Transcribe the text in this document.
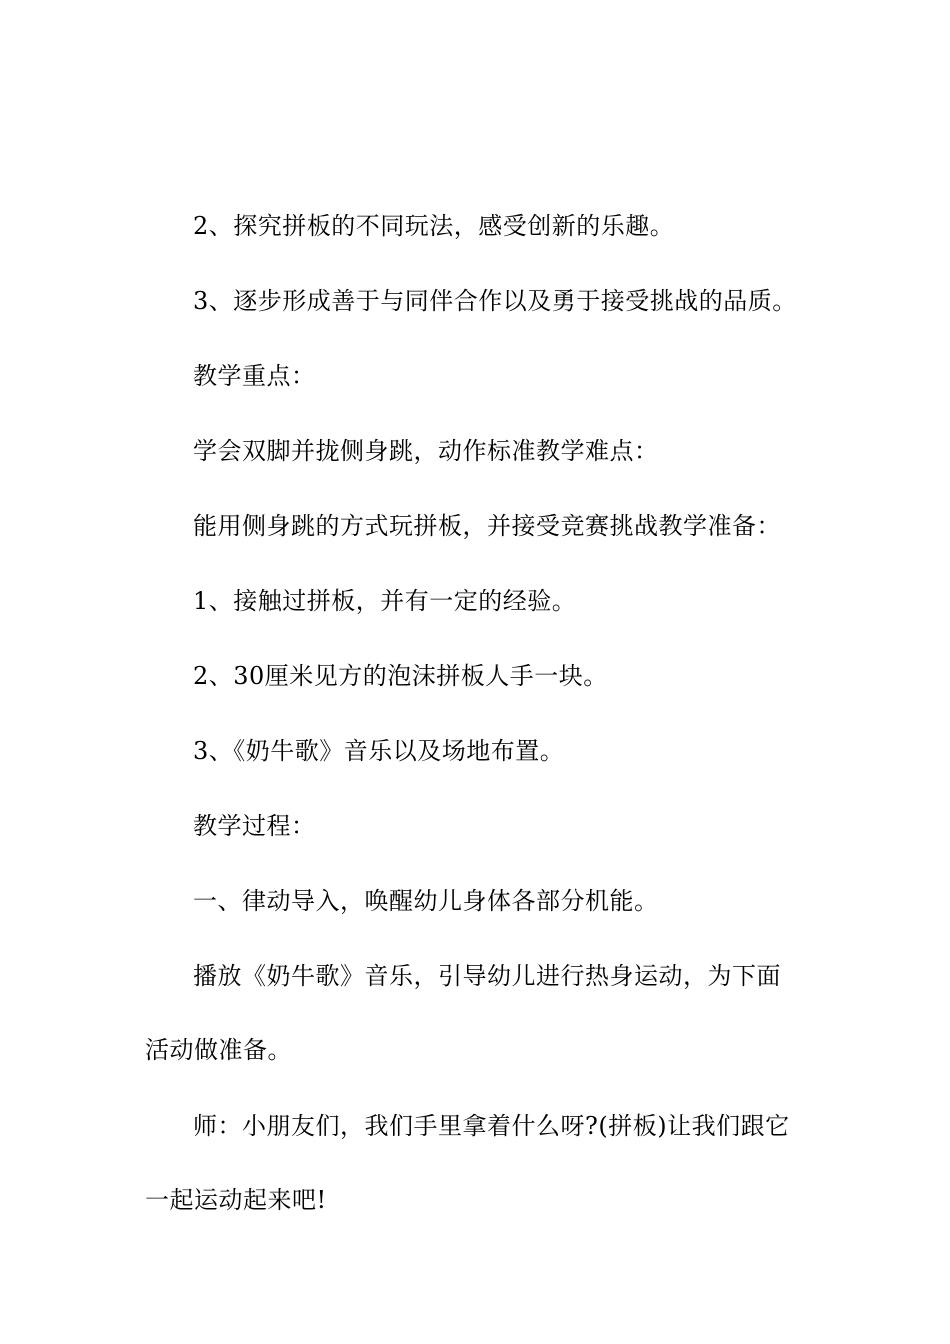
2、探究拼板的不同玩法，感受创新的乐趣。

3、逐步形成善于与同伴合作以及勇于接受挑战的品质。

教学重点：

学会双脚并拢侧身跳，动作标准教学难点：

能用侧身跳的方式玩拼板，并接受竞赛挑战教学准备：

1、接触过拼板，并有一定的经验。

2、30厘米见方的泡沫拼板人手一块。

3、《奶牛歌》音乐以及场地布置。

教学过程：

一、律动导入，唤醒幼儿身体各部分机能。

播放《奶牛歌》音乐，引导幼儿进行热身运动，为下面活动做准备。

师：小朋友们，我们手里拿着什么呀?(拼板)让我们跟它一起运动起来吧!
